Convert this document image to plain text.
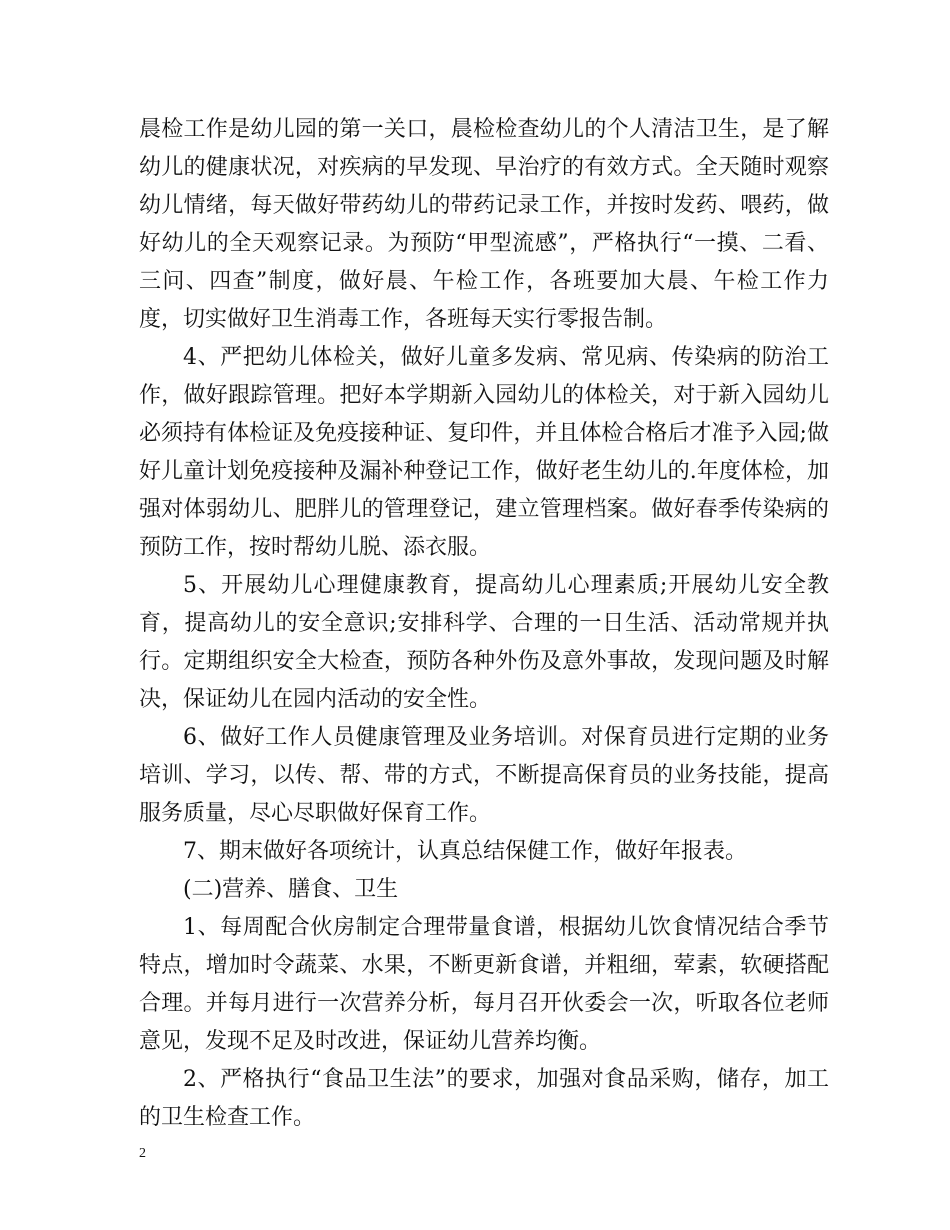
晨检工作是幼儿园的第一关口，晨检检查幼儿的个人清洁卫生，是了解幼儿的健康状况，对疾病的早发现、早治疗的有效方式。全天随时观察幼儿情绪，每天做好带药幼儿的带药记录工作，并按时发药、喂药，做好幼儿的全天观察记录。为预防“甲型流感”，严格执行“一摸、二看、三问、四查”制度，做好晨、午检工作，各班要加大晨、午检工作力度，切实做好卫生消毒工作，各班每天实行零报告制。

4、严把幼儿体检关，做好儿童多发病、常见病、传染病的防治工作，做好跟踪管理。把好本学期新入园幼儿的体检关，对于新入园幼儿必须持有体检证及免疫接种证、复印件，并且体检合格后才准予入园;做好儿童计划免疫接种及漏补种登记工作，做好老生幼儿的.年度体检，加强对体弱幼儿、肥胖儿的管理登记，建立管理档案。做好春季传染病的预防工作，按时帮幼儿脱、添衣服。

5、开展幼儿心理健康教育，提高幼儿心理素质;开展幼儿安全教育，提高幼儿的安全意识;安排科学、合理的一日生活、活动常规并执行。定期组织安全大检查，预防各种外伤及意外事故，发现问题及时解决，保证幼儿在园内活动的安全性。

6、做好工作人员健康管理及业务培训。对保育员进行定期的业务培训、学习，以传、帮、带的方式，不断提高保育员的业务技能，提高服务质量，尽心尽职做好保育工作。

7、期末做好各项统计，认真总结保健工作，做好年报表。

(二)营养、膳食、卫生

1、每周配合伙房制定合理带量食谱，根据幼儿饮食情况结合季节特点，增加时令蔬菜、水果，不断更新食谱，并粗细，荤素，软硬搭配合理。并每月进行一次营养分析，每月召开伙委会一次，听取各位老师意见，发现不足及时改进，保证幼儿营养均衡。

2、严格执行“食品卫生法”的要求，加强对食品采购，储存，加工的卫生检查工作。

2
